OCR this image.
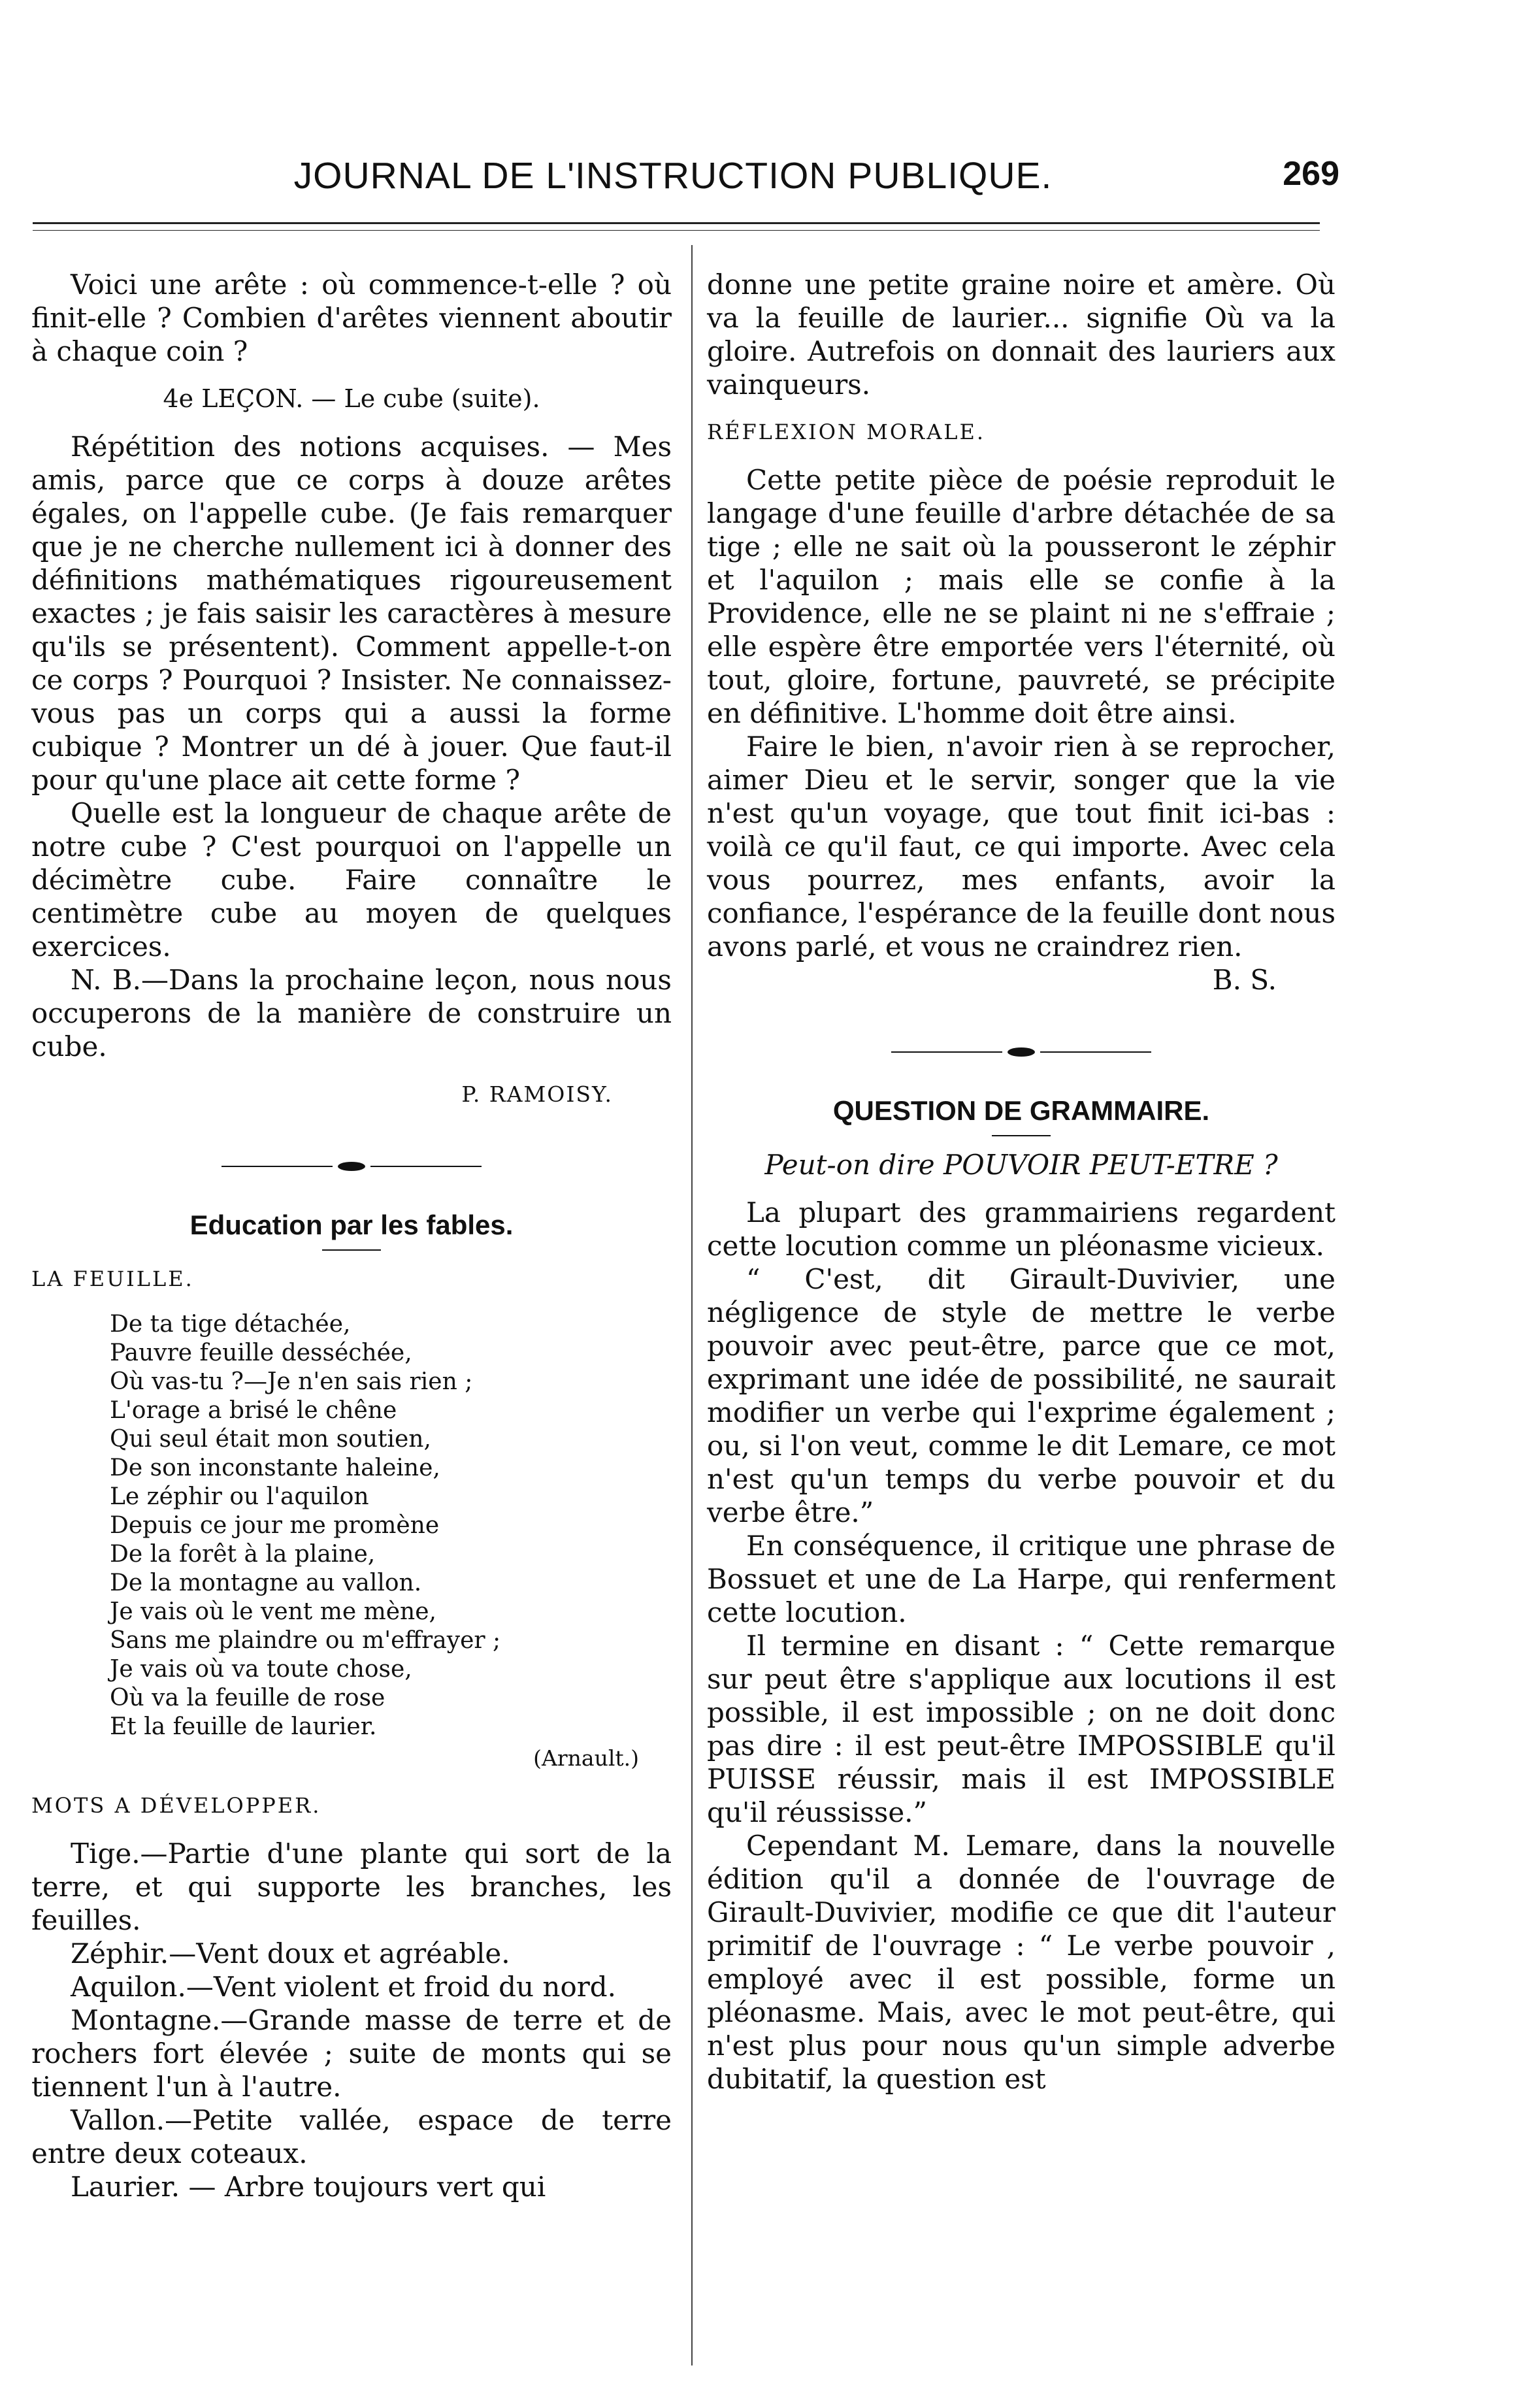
JOURNAL DE L'INSTRUCTION PUBLIQUE.	269

Voici une arête : où commence-t-elle ? où finit-elle ? Combien d'arêtes viennent aboutir à chaque coin ?

4e LEÇON. — Le cube (suite).

Répétition des notions acquises. — Mes amis, parce que ce corps à douze arêtes égales, on l'appelle cube. (Je fais remarquer que je ne cherche nullement ici à donner des définitions mathématiques rigoureusement exactes ; je fais saisir les caractères à mesure qu'ils se présentent). Comment appelle-t-on ce corps ? Pourquoi ? Insister. Ne connaissez-vous pas un corps qui a aussi la forme cubique ? Montrer un dé à jouer. Que faut-il pour qu'une place ait cette forme ?

Quelle est la longueur de chaque arête de notre cube ? C'est pourquoi on l'appelle un décimètre cube. Faire connaître le centimètre cube au moyen de quelques exercices.

N. B.—Dans la prochaine leçon, nous nous occuperons de la manière de construire un cube.

P. RAMOISY.

Education par les fables.

LA FEUILLE.

De ta tige détachée,
Pauvre feuille desséchée,
Où vas-tu ?—Je n'en sais rien ;
L'orage a brisé le chêne
Qui seul était mon soutien,
De son inconstante haleine,
Le zéphir ou l'aquilon
Depuis ce jour me promène
De la forêt à la plaine,
De la montagne au vallon.
Je vais où le vent me mène,
Sans me plaindre ou m'effrayer ;
Je vais où va toute chose,
Où va la feuille de rose
Et la feuille de laurier.

(Arnault.)

MOTS A DÉVELOPPER.

Tige.—Partie d'une plante qui sort de la terre, et qui supporte les branches, les feuilles.

Zéphir.—Vent doux et agréable.

Aquilon.—Vent violent et froid du nord.

Montagne.—Grande masse de terre et de rochers fort élevée ; suite de monts qui se tiennent l'un à l'autre.

Vallon.—Petite vallée, espace de terre entre deux coteaux.

Laurier. — Arbre toujours vert qui

donne une petite graine noire et amère. Où va la feuille de laurier... signifie Où va la gloire. Autrefois on donnait des lauriers aux vainqueurs.

RÉFLEXION MORALE.

Cette petite pièce de poésie reproduit le langage d'une feuille d'arbre détachée de sa tige ; elle ne sait où la pousseront le zéphir et l'aquilon ; mais elle se confie à la Providence, elle ne se plaint ni ne s'effraie ; elle espère être emportée vers l'éternité, où tout, gloire, fortune, pauvreté, se précipite en définitive. L'homme doit être ainsi.

Faire le bien, n'avoir rien à se reprocher, aimer Dieu et le servir, songer que la vie n'est qu'un voyage, que tout finit ici-bas : voilà ce qu'il faut, ce qui importe. Avec cela vous pourrez, mes enfants, avoir la confiance, l'espérance de la feuille dont nous avons parlé, et vous ne craindrez rien.

B. S.

QUESTION DE GRAMMAIRE.

Peut-on dire POUVOIR PEUT-ETRE ?

La plupart des grammairiens regardent cette locution comme un pléonasme vicieux.

“ C'est, dit Girault-Duvivier, une négligence de style de mettre le verbe pouvoir avec peut-être, parce que ce mot, exprimant une idée de possibilité, ne saurait modifier un verbe qui l'exprime également ; ou, si l'on veut, comme le dit Lemare, ce mot n'est qu'un temps du verbe pouvoir et du verbe être.”

En conséquence, il critique une phrase de Bossuet et une de La Harpe, qui renferment cette locution.

Il termine en disant : “ Cette remarque sur peut être s'applique aux locutions il est possible, il est impossible ; on ne doit donc pas dire : il est peut-être IMPOSSIBLE qu'il PUISSE réussir, mais il est IMPOSSIBLE qu'il réussisse.”

Cependant M. Lemare, dans la nouvelle édition qu'il a donnée de l'ouvrage de Girault-Duvivier, modifie ce que dit l'auteur primitif de l'ouvrage : “ Le verbe pouvoir , employé avec il est possible, forme un pléonasme. Mais, avec le mot peut-être, qui n'est plus pour nous qu'un simple adverbe dubitatif, la question est
